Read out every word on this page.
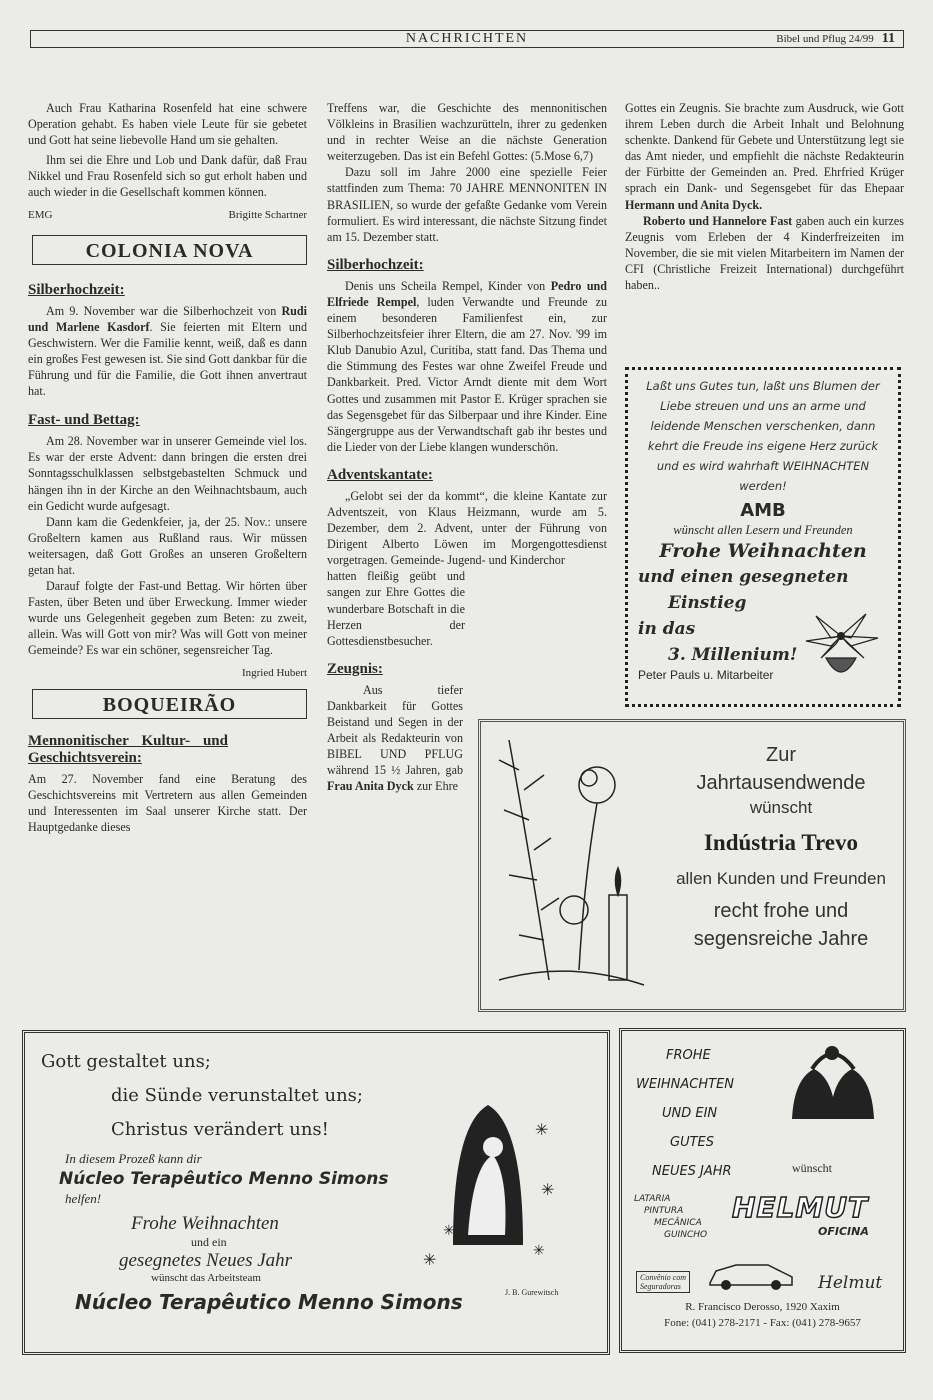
NACHRICHTEN	Bibel und Pflug 24/99 11

Auch Frau Katharina Rosenfeld hat eine schwere Operation gehabt. Es haben viele Leute für sie gebetet und Gott hat seine liebevolle Hand um sie gehalten.

Ihm sei die Ehre und Lob und Dank dafür, daß Frau Nikkel und Frau Rosenfeld sich so gut erholt haben und auch wieder in die Gesellschaft kommen können.

EMG	Brigitte Schartner
COLONIA NOVA
Silberhochzeit:

Am 9. November war die Silberhochzeit von Rudi und Marlene Kasdorf. Sie feierten mit Eltern und Geschwistern. Wer die Familie kennt, weiß, daß es dann ein großes Fest gewesen ist. Sie sind Gott dankbar für die Führung und für die Familie, die Gott ihnen anvertraut hat.

Fast- und Bettag:

Am 28. November war in unserer Gemeinde viel los. Es war der erste Advent: dann bringen die ersten drei Sonntagsschulklassen selbstgebastelten Schmuck und hängen ihn in der Kirche an den Weihnachtsbaum, auch ein Gedicht wurde aufgesagt.

Dann kam die Gedenkfeier, ja, der 25. Nov.: unsere Großeltern kamen aus Rußland raus. Wir müssen weitersagen, daß Gott Großes an unseren Großeltern getan hat.

Darauf folgte der Fast-und Bettag. Wir hörten über Fasten, über Beten und über Erweckung. Immer wieder wurde uns Gelegenheit gegeben zum Beten: zu zweit, allein. Was will Gott von mir? Was will Gott von meiner Gemeinde? Es war ein schöner, segensreicher Tag.

Ingried Hubert
BOQUEIRÃO
Mennonitischer Kultur- und Geschichtsverein:

Am 27. November fand eine Beratung des Geschichtsvereins mit Vertretern aus allen Gemeinden und Interessenten im Saal unserer Kirche statt. Der Hauptgedanke dieses

Treffens war, die Geschichte des mennonitischen Völkleins in Brasilien wachzurütteln, ihrer zu gedenken und in rechter Weise an die nächste Generation weiterzugeben. Das ist ein Befehl Gottes: (5.Mose 6,7)

Dazu soll im Jahre 2000 eine spezielle Feier stattfinden zum Thema: 70 JAHRE MENNONITEN IN BRASILIEN, so wurde der gefaßte Gedanke vom Verein formuliert. Es wird interessant, die nächste Sitzung findet am 15. Dezember statt.

Silberhochzeit:

Denis uns Scheila Rempel, Kinder von Pedro und Elfriede Rempel, luden Verwandte und Freunde zu einem besonderen Familienfest ein, zur Silberhochzeitsfeier ihrer Eltern, die am 27. Nov. '99 im Klub Danubio Azul, Curitiba, statt fand. Das Thema und die Stimmung des Festes war ohne Zweifel Freude und Dankbarkeit. Pred. Victor Arndt diente mit dem Wort Gottes und zusammen mit Pastor E. Krüger sprachen sie das Segensgebet für das Silberpaar und ihre Kinder. Eine Sängergruppe aus der Verwandtschaft gab ihr bestes und die Lieder von der Liebe klangen wunderschön.

Adventskantate:

„Gelobt sei der da kommt“, die kleine Kantate zur Adventszeit, von Klaus Heizmann, wurde am 5. Dezember, dem 2. Advent, unter der Führung von Dirigent Alberto Löwen im Morgengottesdienst vorgetragen. Gemeinde- Jugend- und Kinderchor

hatten fleißig geübt und sangen zur Ehre Gottes die wunderbare Botschaft in die Herzen der Gottesdienstbesucher.
Zeugnis:
Aus tiefer Dankbarkeit für Gottes Beistand und Segen in der Arbeit als Redakteurin von BIBEL UND PFLUG während 15 ½ Jahren, gab Frau Anita Dyck zur Ehre

Gottes ein Zeugnis. Sie brachte zum Ausdruck, wie Gott ihrem Leben durch die Arbeit Inhalt und Belohnung schenkte. Dankend für Gebete und Unterstützung legt sie das Amt nieder, und empfiehlt die nächste Redakteurin der Fürbitte der Gemeinden an. Pred. Ehrfried Krüger sprach ein Dank- und Segensgebet für das Ehepaar Hermann und Anita Dyck.

Roberto und Hannelore Fast gaben auch ein kurzes Zeugnis vom Erleben der 4 Kinderfreizeiten im November, die sie mit vielen Mitarbeitern im Namen der CFI (Christliche Freizeit International) durchgeführt haben..

Laßt uns Gutes tun, laßt uns Blumen der Liebe streuen und uns an arme und leidende Menschen verschenken, dann kehrt die Freude ins eigene Herz zurück und es wird wahrhaft WEIHNACHTEN werden!
AMB
wünscht allen Lesern und Freunden
Frohe Weihnachten
und einen gesegneten
Einstieg
in das
3. Millenium!
Peter Pauls u. Mitarbeiter
Zur
Jahrtausendwende
wünscht
Indústria Trevo
allen Kunden und Freunden
recht frohe und
segensreiche Jahre
Gott gestaltet uns;
die Sünde verunstaltet uns;
Christus verändert uns!
In diesem Prozeß kann dir
Núcleo Terapêutico Menno Simons
helfen!
Frohe Weihnachten
und ein
gesegnetes Neues Jahr
wünscht das Arbeitsteam
Núcleo Terapêutico Menno Simons
✳
✳
✳
✳
✳
J. B. Gurewitsch
FROHE
WEIHNACHTEN
UND EIN
GUTES
NEUES JAHR	wünscht
LATARIA
PINTURA
MECÂNICA
GUINCHO
HELMUT
OFICINA
Convênio com
Seguradoras	Helmut
R. Francisco Derosso, 1920 Xaxim
Fone: (041) 278-2171 - Fax: (041) 278-9657
